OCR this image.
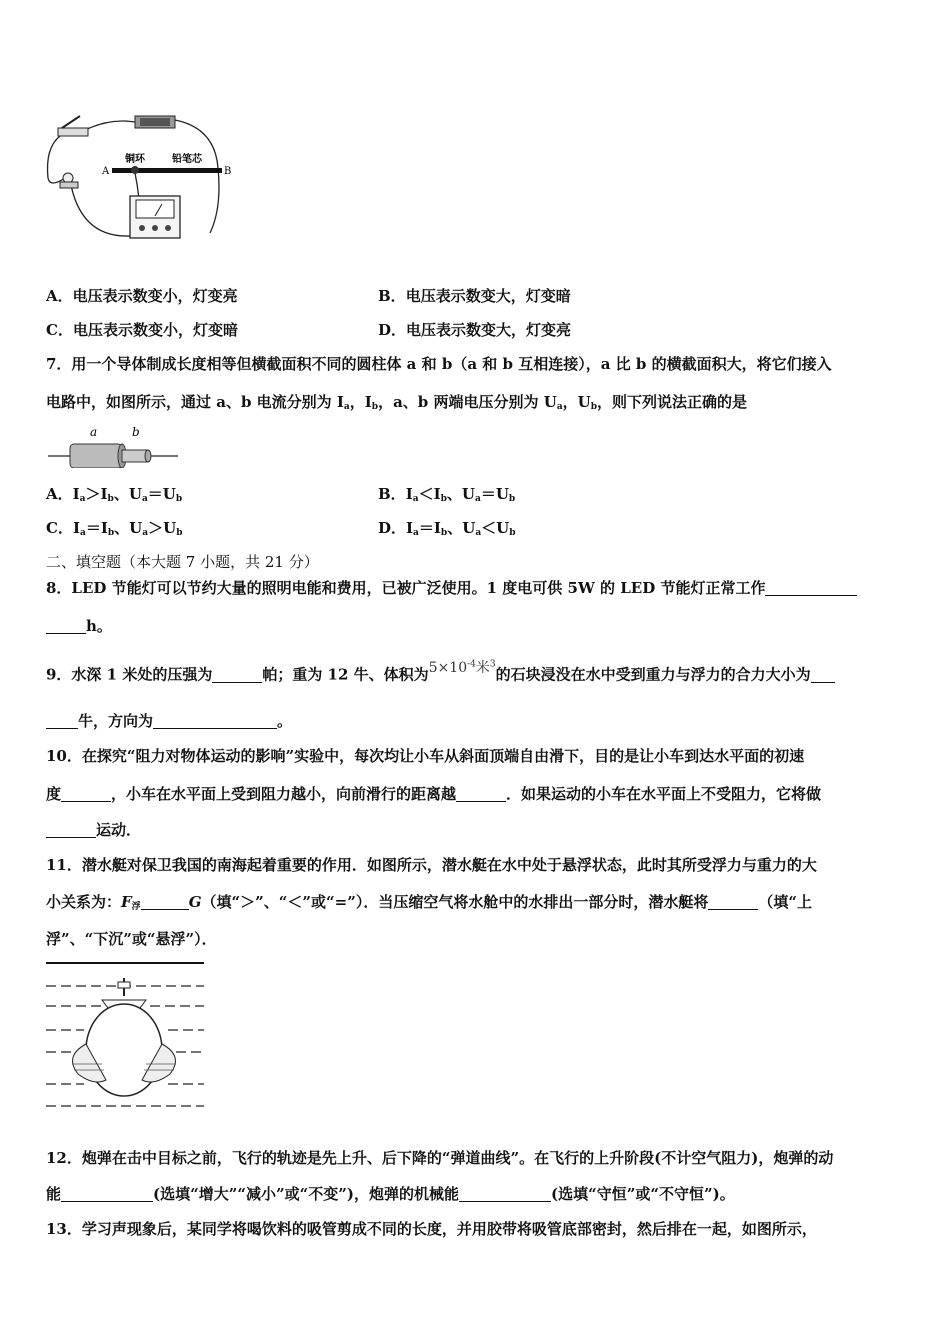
铜环	铅笔芯
A	B
A．电压表示数变小，灯变亮	B．电压表示数变大，灯变暗
C．电压表示数变小，灯变暗	D．电压表示数变大，灯变亮
7．用一个导体制成长度相等但横截面积不同的圆柱体 a 和 b（a 和 b 互相连接），a 比 b 的横截面积大，将它们接入
电路中，如图所示，通过 a、b 电流分别为 $I_a$，$I_b$，a、b 两端电压分别为 $U_a$，$U_b$，则下列说法正确的是
a	b
A．$I_a>I_b$、$U_a=U_b$	B．$I_a<I_b$、$U_a=U_b$
C．$I_a=I_b$、$U_a>U_b$	D．$I_a=I_b$、$U_a<U_b$
二、填空题（本大题 7 小题，共 21 分）
8．LED 节能灯可以节约大量的照明电能和费用，已被广泛使用。1 度电可供 5W 的 LED 节能灯正常工作
h。
9．水深 1 米处的压强为	帕；重为 12 牛、体积为$5\times 10^{-4}$米$^3$的石块浸没在水中受到重力与浮力的合力大小为
牛，方向为	。
10．在探究“阻力对物体运动的影响”实验中，每次均让小车从斜面顶端自由滑下，目的是让小车到达水平面的初速
度	，小车在水平面上受到阻力越小，向前滑行的距离越	．如果运动的小车在水平面上不受阻力，它将做
运动．
11．潜水艇对保卫我国的南海起着重要的作用．如图所示，潜水艇在水中处于悬浮状态，此时其所受浮力与重力的大
小关系为：$F_浮$	G（填“＞”、“＜”或“=”）．当压缩空气将水舱中的水排出一部分时，潜水艇将	（填“上
浮”、“下沉”或“悬浮”）．
12．炮弹在击中目标之前，飞行的轨迹是先上升、后下降的“弹道曲线”。在飞行的上升阶段(不计空气阻力)，炮弹的动
能	(选填“增大”“减小”或“不变”)，炮弹的机械能	(选填“守恒”或“不守恒”)。
13．学习声现象后，某同学将喝饮料的吸管剪成不同的长度，并用胶带将吸管底部密封，然后排在一起，如图所示，
